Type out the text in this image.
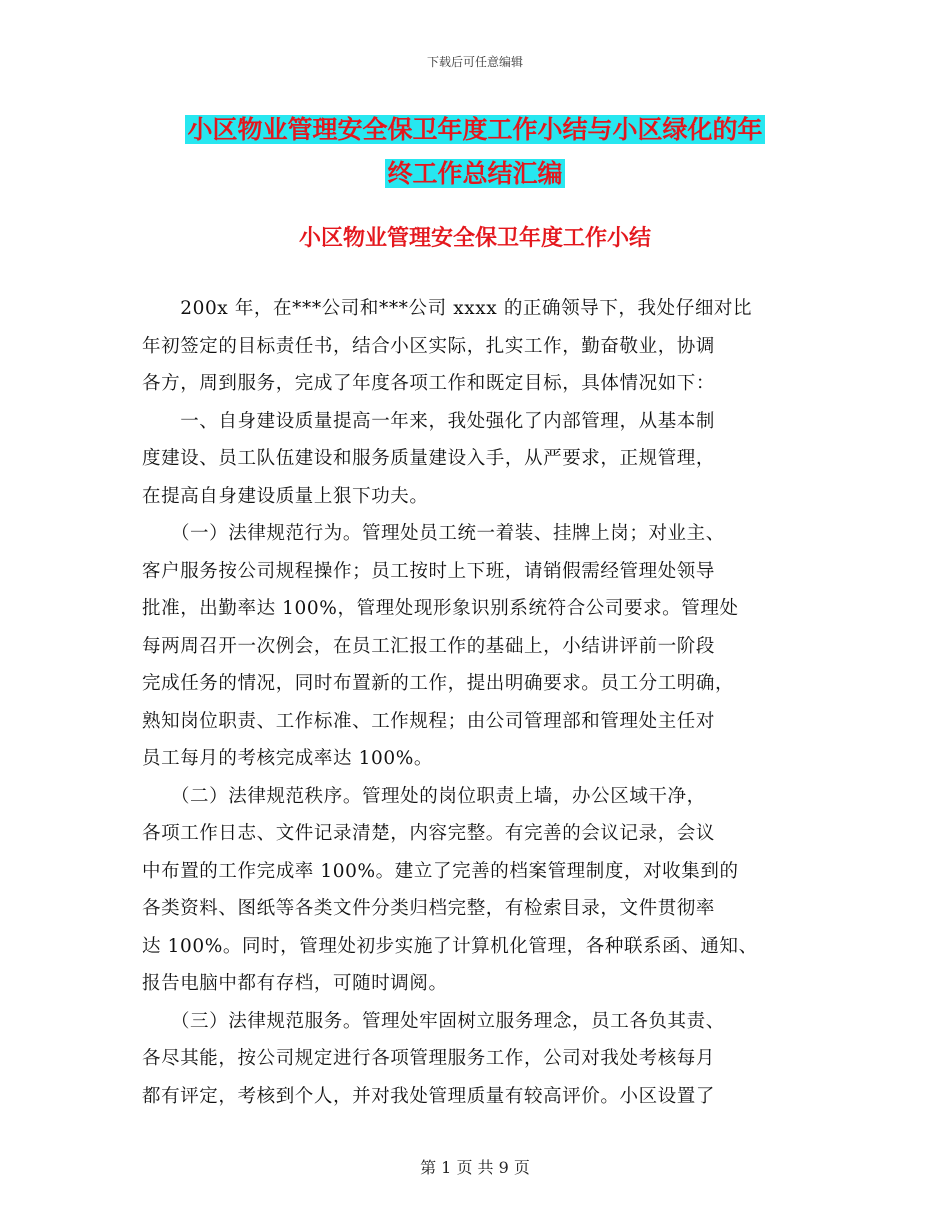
下载后可任意编辑
小区物业管理安全保卫年度工作小结与小区绿化的年
终工作总结汇编
小区物业管理安全保卫年度工作小结

　　200x 年，在***公司和***公司 xxxx 的正确领导下，我处仔细对比

年初签定的目标责任书，结合小区实际，扎实工作，勤奋敬业，协调

各方，周到服务，完成了年度各项工作和既定目标，具体情况如下：

　　一、自身建设质量提高一年来，我处强化了内部管理，从基本制

度建设、员工队伍建设和服务质量建设入手，从严要求，正规管理，

在提高自身建设质量上狠下功夫。

　　（一）法律规范行为。管理处员工统一着装、挂牌上岗；对业主、

客户服务按公司规程操作；员工按时上下班，请销假需经管理处领导

批准，出勤率达 100%，管理处现形象识别系统符合公司要求。管理处

每两周召开一次例会，在员工汇报工作的基础上，小结讲评前一阶段

完成任务的情况，同时布置新的工作，提出明确要求。员工分工明确，

熟知岗位职责、工作标准、工作规程；由公司管理部和管理处主任对

员工每月的考核完成率达 100%。

　　（二）法律规范秩序。管理处的岗位职责上墙，办公区域干净，

各项工作日志、文件记录清楚，内容完整。有完善的会议记录，会议

中布置的工作完成率 100%。建立了完善的档案管理制度，对收集到的

各类资料、图纸等各类文件分类归档完整，有检索目录，文件贯彻率

达 100%。同时，管理处初步实施了计算机化管理，各种联系函、通知、

报告电脑中都有存档，可随时调阅。

　　（三）法律规范服务。管理处牢固树立服务理念，员工各负其责、

各尽其能，按公司规定进行各项管理服务工作，公司对我处考核每月

都有评定，考核到个人，并对我处管理质量有较高评价。小区设置了

第 1 页 共 9 页
